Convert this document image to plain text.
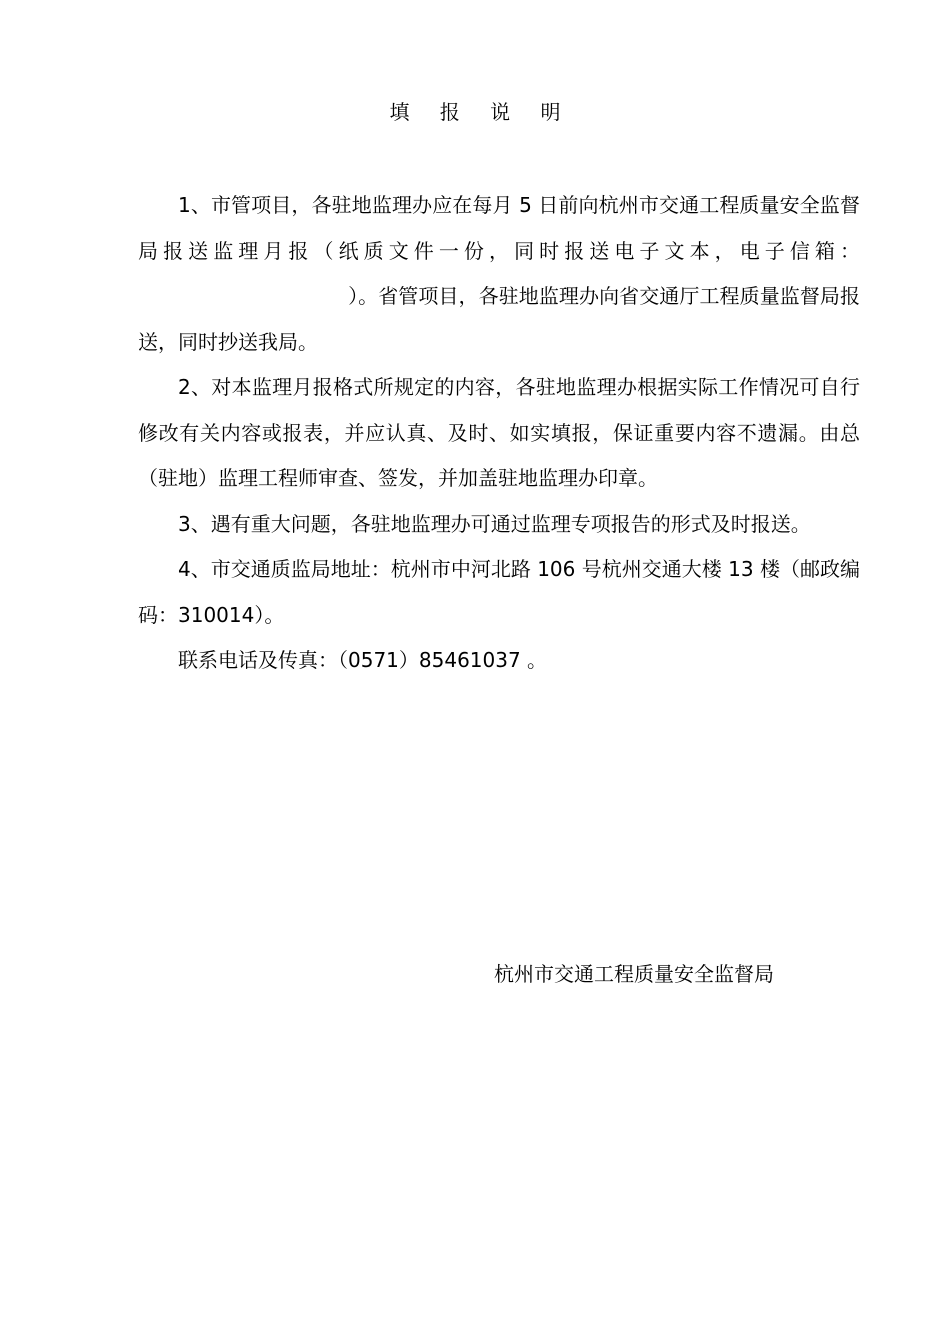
填 报 说 明

1、市管项目，各驻地监理办应在每月 5 日前向杭州市交通工程质量安全监督局报送监理月报（纸质文件一份，同时报送电子文本，电子信箱：）。省管项目，各驻地监理办向省交通厅工程质量监督局报送，同时抄送我局。

2、对本监理月报格式所规定的内容，各驻地监理办根据实际工作情况可自行修改有关内容或报表，并应认真、及时、如实填报，保证重要内容不遗漏。由总（驻地）监理工程师审查、签发，并加盖驻地监理办印章。

3、遇有重大问题，各驻地监理办可通过监理专项报告的形式及时报送。

4、市交通质监局地址：杭州市中河北路 106 号杭州交通大楼 13 楼（邮政编码：310014）。

联系电话及传真：（0571）85461037 。

杭州市交通工程质量安全监督局
